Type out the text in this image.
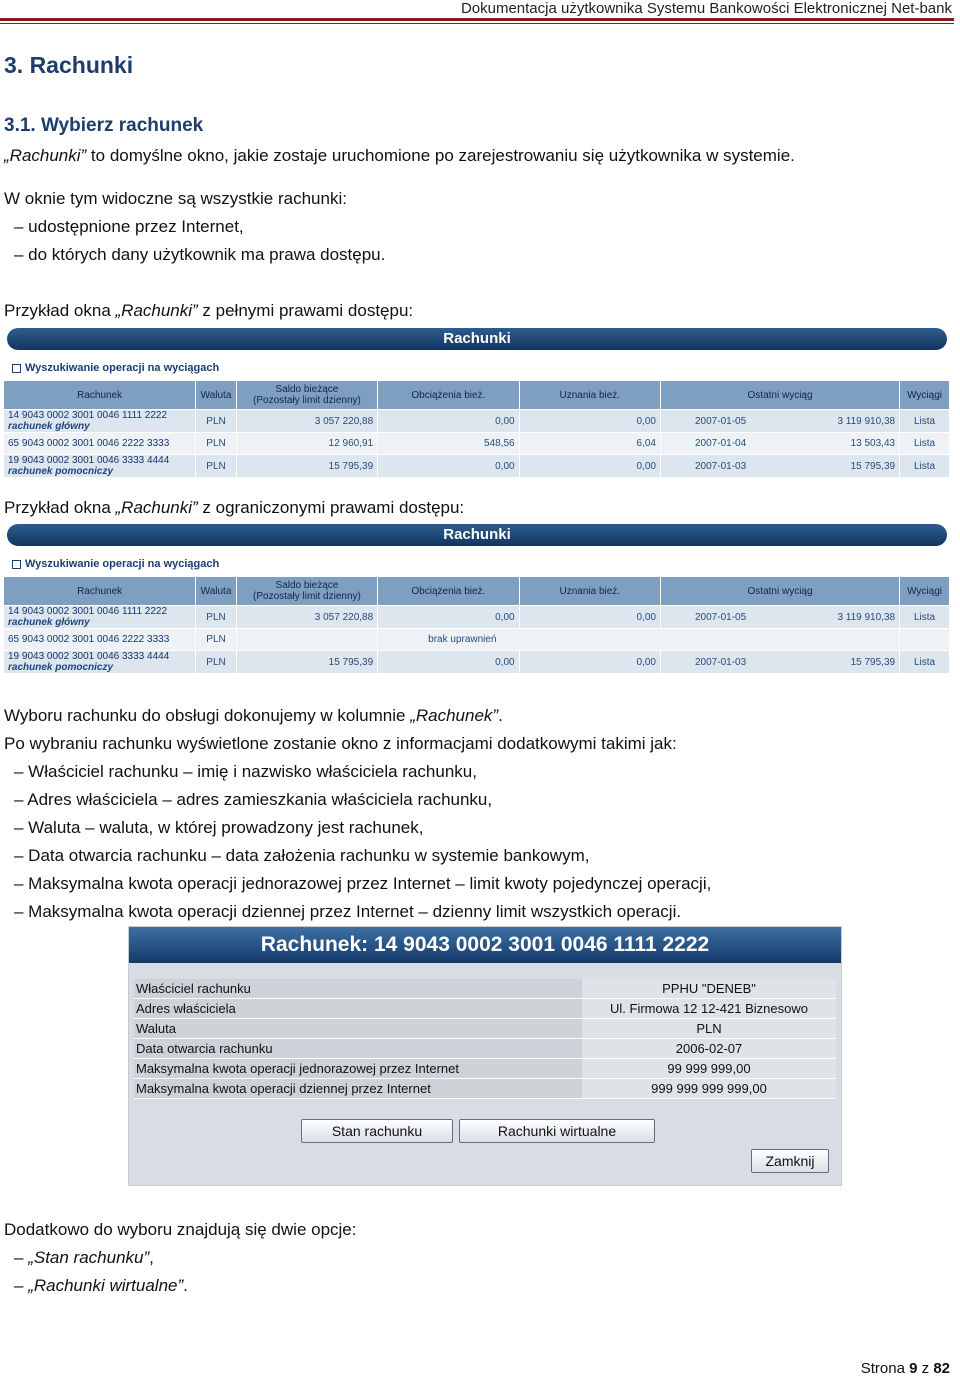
Dokumentacja użytkownika Systemu Bankowości Elektronicznej Net-bank
3. Rachunki
3.1. Wybierz rachunek
„Rachunki” to domyślne okno, jakie zostaje uruchomione po zarejestrowaniu się użytkownika w systemie.
W oknie tym widoczne są wszystkie rachunki:
– udostępnione przez Internet,
– do których dany użytkownik ma prawa dostępu.
Przykład okna „Rachunki” z pełnymi prawami dostępu:
Rachunki
Wyszukiwanie operacji na wyciągach
Rachunek	Waluta	Saldo bieżące
(Pozostały limit dzienny)	Obciążenia bież.	Uznania bież.	Ostatni wyciąg	Wyciągi
14 9043 0002 3001 0046 1111 2222
rachunek główny	PLN	3 057 220,88	0,00	0,00	2007-01-05 3 119 910,38	Lista
65 9043 0002 3001 0046 2222 3333	PLN	12 960,91	548,56	6,04	2007-01-04 13 503,43	Lista
19 9043 0002 3001 0046 3333 4444
rachunek pomocniczy	PLN	15 795,39	0,00	0,00	2007-01-03 15 795,39	Lista
Przykład okna „Rachunki” z ograniczonymi prawami dostępu:
Rachunki
Wyszukiwanie operacji na wyciągach
Rachunek	Waluta	Saldo bieżące
(Pozostały limit dzienny)	Obciążenia bież.	Uznania bież.	Ostatni wyciąg	Wyciągi
14 9043 0002 3001 0046 1111 2222
rachunek główny	PLN	3 057 220,88	0,00	0,00	2007-01-05 3 119 910,38	Lista
65 9043 0002 3001 0046 2222 3333	PLN		brak uprawnień			
19 9043 0002 3001 0046 3333 4444
rachunek pomocniczy	PLN	15 795,39	0,00	0,00	2007-01-03 15 795,39	Lista
Wyboru rachunku do obsługi dokonujemy w kolumnie „Rachunek”.
Po wybraniu rachunku wyświetlone zostanie okno z informacjami dodatkowymi takimi jak:
– Właściciel rachunku – imię i nazwisko właściciela rachunku,
– Adres właściciela – adres zamieszkania właściciela rachunku,
– Waluta – waluta, w której prowadzony jest rachunek,
– Data otwarcia rachunku – data założenia rachunku w systemie bankowym,
– Maksymalna kwota operacji jednorazowej przez Internet – limit kwoty pojedynczej operacji,
– Maksymalna kwota operacji dziennej przez Internet – dzienny limit wszystkich operacji.
Rachunek: 14 9043 0002 3001 0046 1111 2222
Właściciel rachunku	PPHU "DENEB"
Adres właściciela	Ul. Firmowa 12 12-421 Biznesowo
Waluta	PLN
Data otwarcia rachunku	2006-02-07
Maksymalna kwota operacji jednorazowej przez Internet	99 999 999,00
Maksymalna kwota operacji dziennej przez Internet	999 999 999 999,00
Stan rachunku	Rachunki wirtualne
Zamknij
Dodatkowo do wyboru znajdują się dwie opcje:
– „Stan rachunku”,
– „Rachunki wirtualne”.
Strona 9 z 82
